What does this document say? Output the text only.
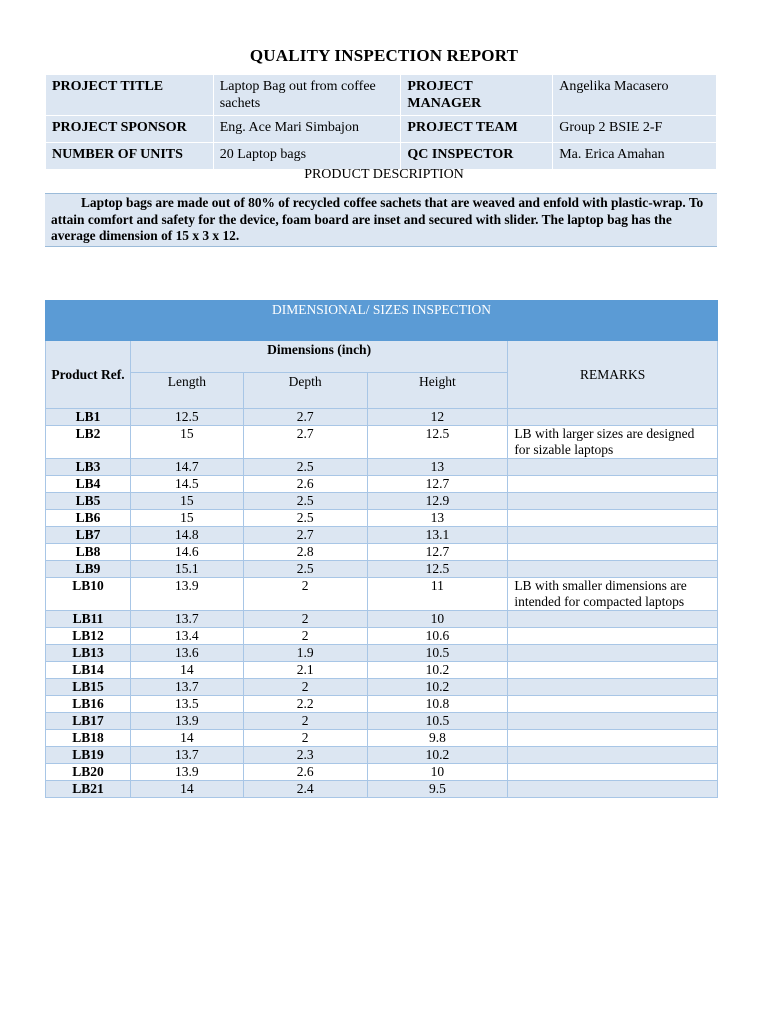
QUALITY INSPECTION REPORT
PROJECT TITLE	Laptop Bag out from coffee sachets	PROJECT MANAGER	Angelika Macasero
PROJECT SPONSOR	Eng. Ace Mari Simbajon	PROJECT TEAM	Group 2 BSIE 2-F
NUMBER OF UNITS	20 Laptop bags	QC INSPECTOR	Ma. Erica Amahan
PRODUCT DESCRIPTION

Laptop bags are made out of 80% of recycled coffee sachets that are weaved and enfold with plastic-wrap. To attain comfort and safety for the device, foam board are inset and secured with slider. The laptop bag has the average dimension of 15 x 3 x 12.

DIMENSIONAL/ SIZES INSPECTION				
Product Ref.	Dimensions (inch)			REMARKS
	Length	Depth	Height	
LB1	12.5	2.7	12	
LB2	15	2.7	12.5	LB with larger sizes are designed for sizable laptops
LB3	14.7	2.5	13	
LB4	14.5	2.6	12.7	
LB5	15	2.5	12.9	
LB6	15	2.5	13	
LB7	14.8	2.7	13.1	
LB8	14.6	2.8	12.7	
LB9	15.1	2.5	12.5	
LB10	13.9	2	11	LB with smaller dimensions are intended for compacted laptops
LB11	13.7	2	10	
LB12	13.4	2	10.6	
LB13	13.6	1.9	10.5	
LB14	14	2.1	10.2	
LB15	13.7	2	10.2	
LB16	13.5	2.2	10.8	
LB17	13.9	2	10.5	
LB18	14	2	9.8	
LB19	13.7	2.3	10.2	
LB20	13.9	2.6	10	
LB21	14	2.4	9.5	
